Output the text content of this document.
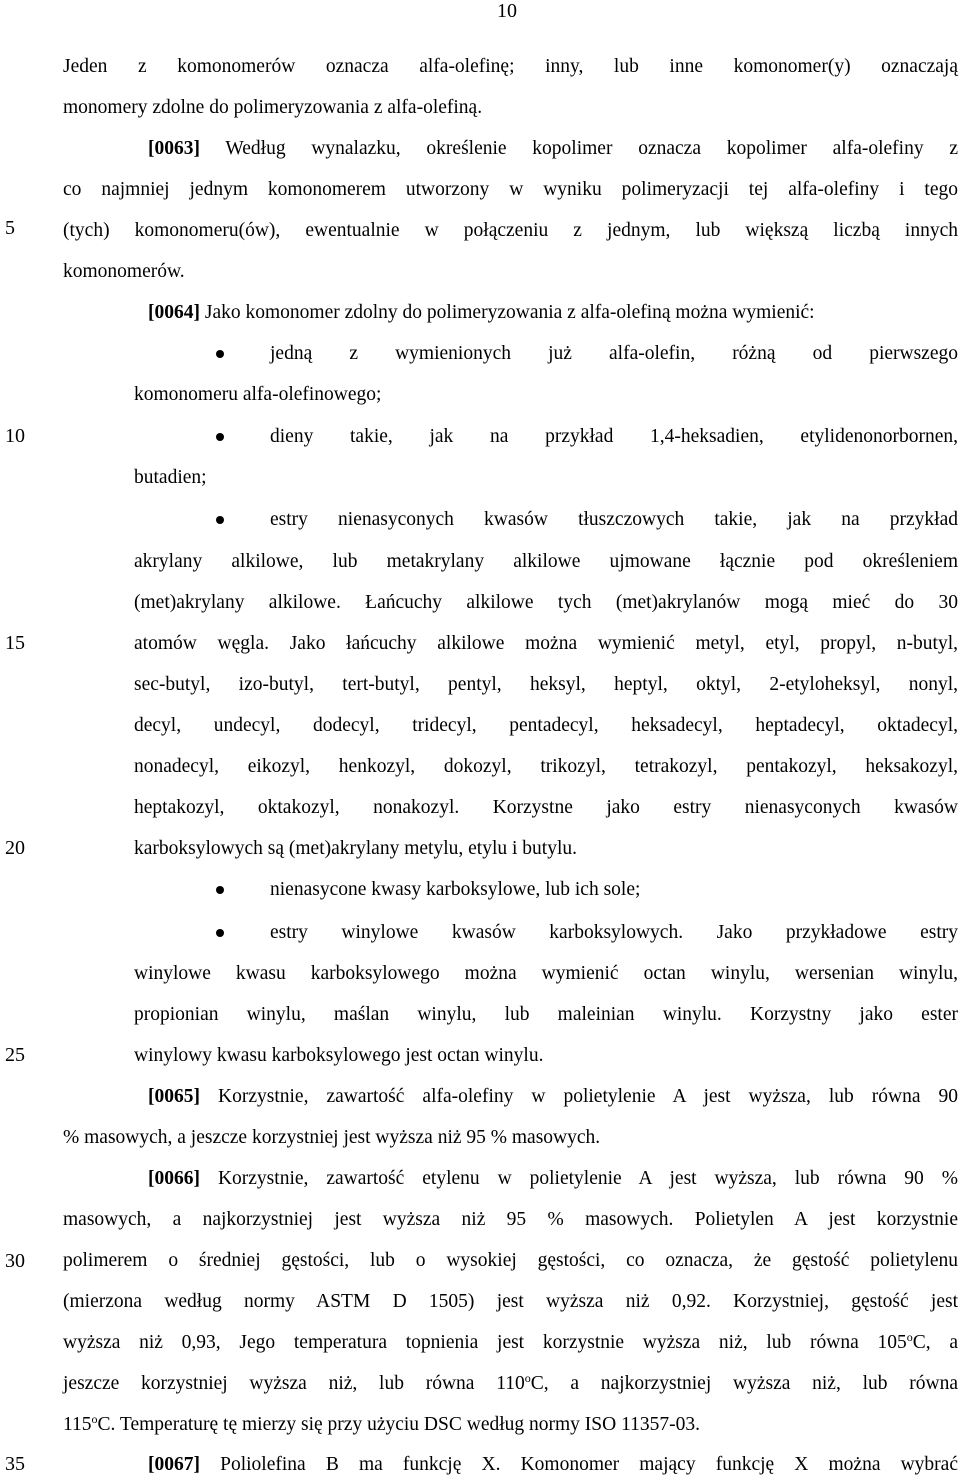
10
5
10
15
20
25
30
35
Jeden z komonomerów oznacza alfa-olefinę; inny, lub inne komonomer(y) oznaczają
monomery zdolne do polimeryzowania z alfa-olefiną.
[0063] Według wynalazku, określenie kopolimer oznacza kopolimer alfa-olefiny z
co najmniej jednym komonomerem utworzony w wyniku polimeryzacji tej alfa-olefiny i tego
(tych) komonomeru(ów), ewentualnie w połączeniu z jednym, lub większą liczbą innych
komonomerów.
[0064] Jako komonomer zdolny do polimeryzowania z alfa-olefiną można wymienić:
jedną z wymienionych już alfa-olefin, różną od pierwszego
komonomeru alfa-olefinowego;
dieny takie, jak na przykład 1,4-heksadien, etylidenonorbornen,
butadien;
estry nienasyconych kwasów tłuszczowych takie, jak na przykład
akrylany alkilowe, lub metakrylany alkilowe ujmowane łącznie pod określeniem
(met)akrylany alkilowe. Łańcuchy alkilowe tych (met)akrylanów mogą mieć do 30
atomów węgla. Jako łańcuchy alkilowe można wymienić metyl, etyl, propyl, n-butyl,
sec-butyl, izo-butyl, tert-butyl, pentyl, heksyl, heptyl, oktyl, 2-etyloheksyl, nonyl,
decyl, undecyl, dodecyl, tridecyl, pentadecyl, heksadecyl, heptadecyl, oktadecyl,
nonadecyl, eikozyl, henkozyl, dokozyl, trikozyl, tetrakozyl, pentakozyl, heksakozyl,
heptakozyl, oktakozyl, nonakozyl. Korzystne jako estry nienasyconych kwasów
karboksylowych są (met)akrylany metylu, etylu i butylu.
nienasycone kwasy karboksylowe, lub ich sole;
estry winylowe kwasów karboksylowych. Jako przykładowe estry
winylowe kwasu karboksylowego można wymienić octan winylu, wersenian winylu,
propionian winylu, maślan winylu, lub maleinian winylu. Korzystny jako ester
winylowy kwasu karboksylowego jest octan winylu.
[0065] Korzystnie, zawartość alfa-olefiny w polietylenie A jest wyższa, lub równa 90
% masowych, a jeszcze korzystniej jest wyższa niż 95 % masowych.
[0066] Korzystnie, zawartość etylenu w polietylenie A jest wyższa, lub równa 90 %
masowych, a najkorzystniej jest wyższa niż 95 % masowych. Polietylen A jest korzystnie
polimerem o średniej gęstości, lub o wysokiej gęstości, co oznacza, że gęstość polietylenu
(mierzona według normy ASTM D 1505) jest wyższa niż 0,92. Korzystniej, gęstość jest
wyższa niż 0,93, Jego temperatura topnienia jest korzystnie wyższa niż, lub równa 105$^o$C, a
jeszcze korzystniej wyższa niż, lub równa 110$^o$C, a najkorzystniej wyższa niż, lub równa
115$^o$C. Temperaturę tę mierzy się przy użyciu DSC według normy ISO 11357-03.
[0067] Poliolefina B ma funkcję X. Komonomer mający funkcję X można wybrać
